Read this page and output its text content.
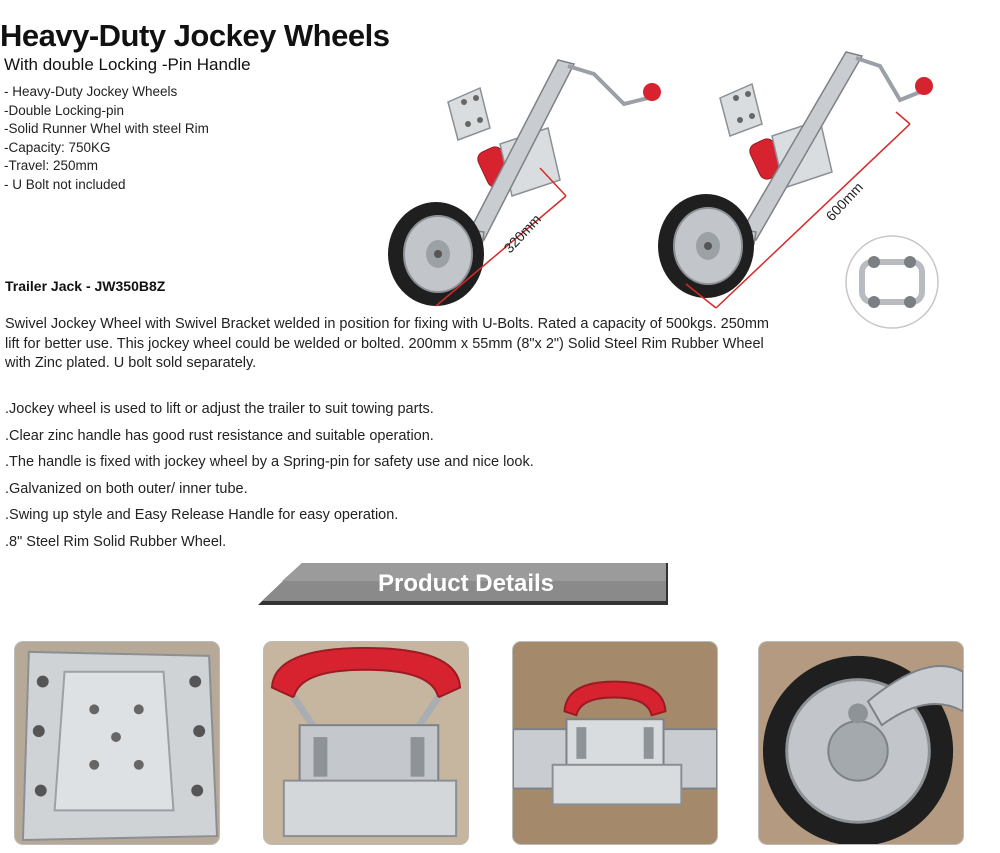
Heavy-Duty Jockey Wheels
With double Locking -Pin Handle
- Heavy-Duty Jockey Wheels
-Double Locking-pin
-Solid Runner Whel with steel Rim
-Capacity: 750KG
-Travel: 250mm
- U Bolt not included
320mm
600mm
Trailer Jack - JW350B8Z

Swivel Jockey Wheel with Swivel Bracket welded in position for fixing with U-Bolts. Rated a capacity of 500kgs. 250mm lift for better use. This jockey wheel could be welded or bolted. 200mm x 55mm (8"x 2") Solid Steel Rim Rubber Wheel with Zinc plated. U bolt sold separately.

.Jockey wheel is used to lift or adjust the trailer to suit towing parts.
.Clear zinc handle has good rust resistance and suitable operation.
.The handle is fixed with jockey wheel by a Spring-pin for safety use and nice look.
.Galvanized on both outer/ inner tube.
.Swing up style and Easy Release Handle for easy operation.
.8" Steel Rim Solid Rubber Wheel.
Product Details
